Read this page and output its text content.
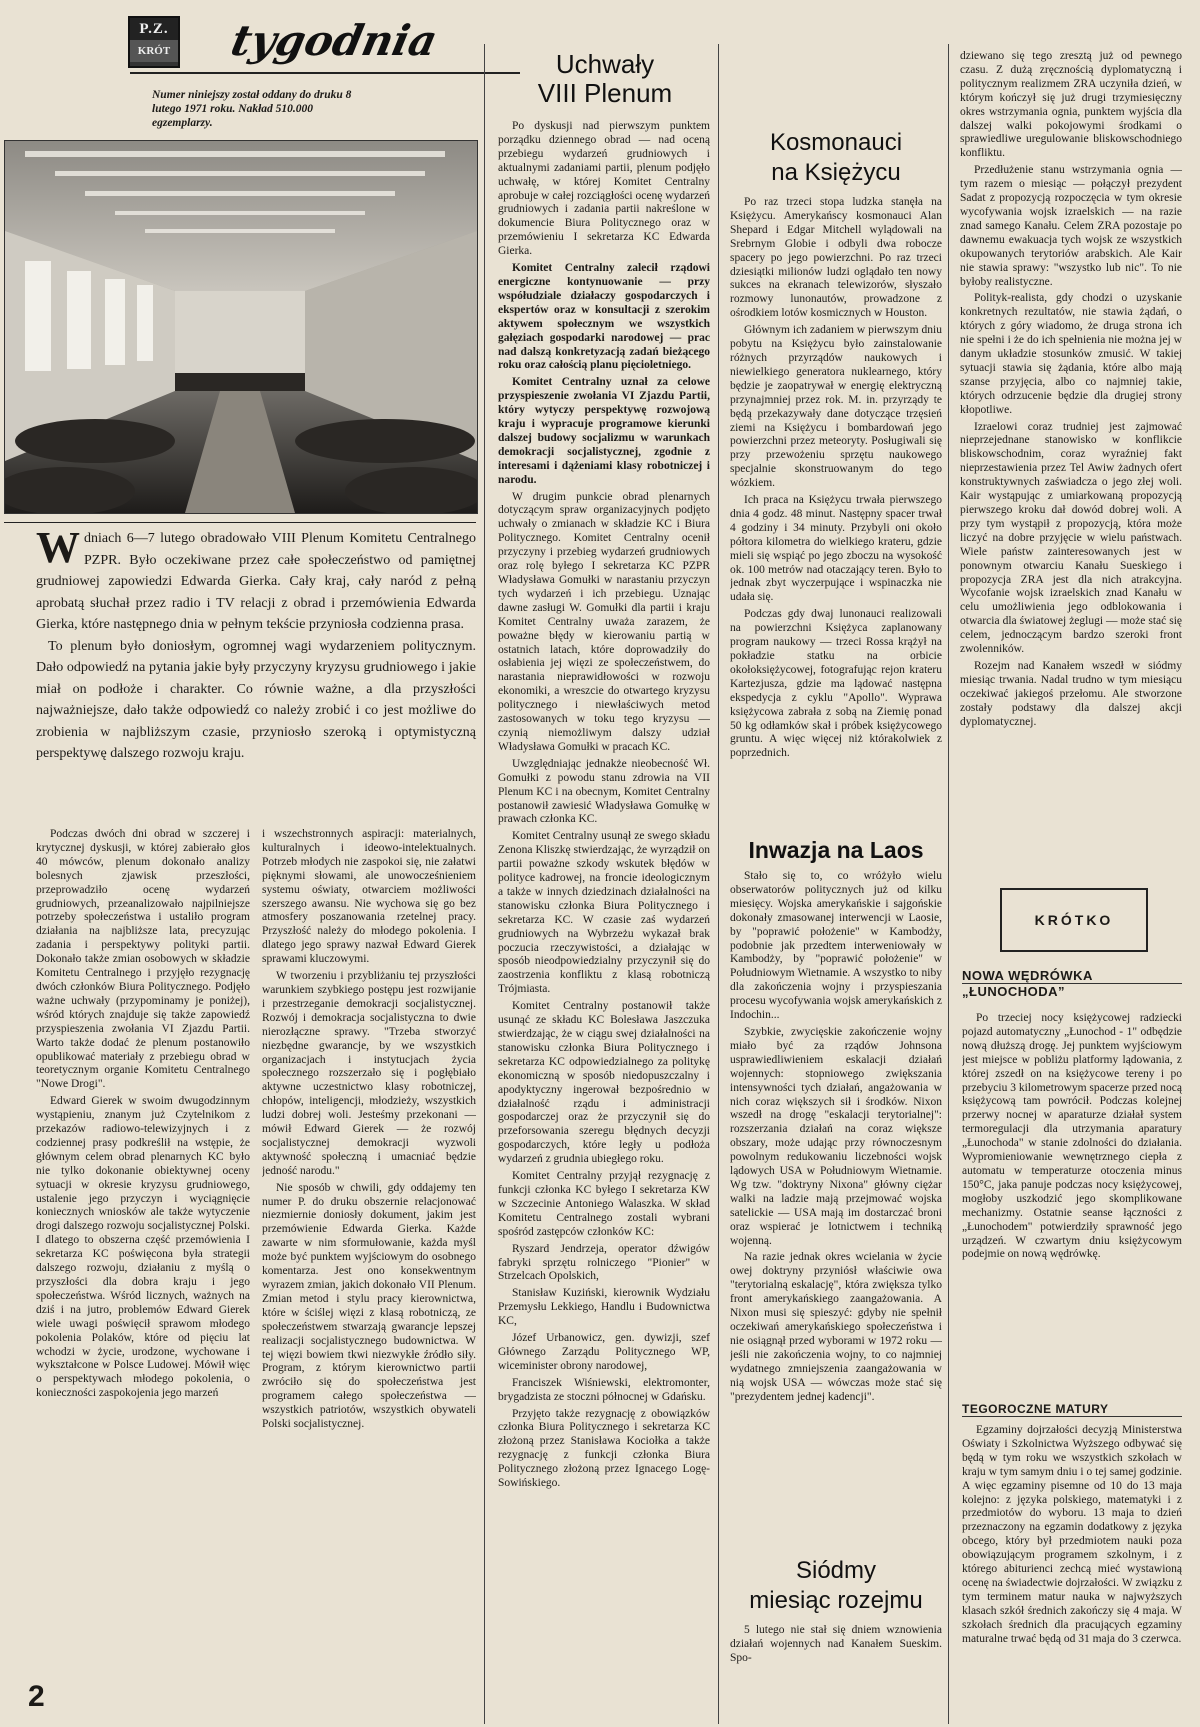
P.Z.
KRÓT tygodnia
Numer niniejszy został oddany do druku 8 lutego 1971 roku. Nakład 510.000 egzemplarzy.
W dniach 6—7 lutego obradowało VIII Plenum Komitetu Centralnego PZPR. Było oczekiwane przez całe społeczeństwo od pamiętnej grudniowej zapowiedzi Edwarda Gierka. Cały kraj, cały naród z pełną aprobatą słuchał przez radio i TV relacji z obrad i przemówienia Edwarda Gierka, które następnego dnia w pełnym tekście przyniosła codzienna prasa.

To plenum było doniosłym, ogromnej wagi wydarzeniem politycznym. Dało odpowiedź na pytania jakie były przyczyny kryzysu grudniowego i jakie miał on podłoże i charakter. Co równie ważne, a dla przyszłości najważniejsze, dało także odpowiedź co należy zrobić i co jest możliwe do zrobienia w najbliższym czasie, przyniosło szeroką i optymistyczną perspektywę dalszego rozwoju kraju.

Podczas dwóch dni obrad w szczerej i krytycznej dyskusji, w której zabierało głos 40 mówców, plenum dokonało analizy bolesnych zjawisk przeszłości, przeprowadziło ocenę wydarzeń grudniowych, przeanalizowało najpilniejsze potrzeby społeczeństwa i ustaliło program działania na najbliższe lata, precyzując zadania i perspektywy polityki partii. Dokonało także zmian osobowych w składzie Komitetu Centralnego i przyjęło rezygnację dwóch członków Biura Politycznego. Podjęło ważne uchwały (przypominamy je poniżej), wśród których znajduje się także zapowiedź przyspieszenia zwołania VI Zjazdu Partii. Warto także dodać że plenum postanowiło opublikować materiały z przebiegu obrad w teoretycznym organie Komitetu Centralnego "Nowe Drogi".

Edward Gierek w swoim dwugodzinnym wystąpieniu, znanym już Czytelnikom z przekazów radiowo-telewizyjnych i z codziennej prasy podkreślił na wstępie, że głównym celem obrad plenarnych KC było nie tylko dokonanie obiektywnej oceny sytuacji w okresie kryzysu grudniowego, ustalenie jego przyczyn i wyciągnięcie koniecznych wniosków ale także wytyczenie drogi dalszego rozwoju socjalistycznej Polski. I dlatego to obszerna część przemówienia I sekretarza KC poświęcona była strategii dalszego rozwoju, działaniu z myślą o przyszłości dla dobra kraju i jego społeczeństwa. Wśród licznych, ważnych na dziś i na jutro, problemów Edward Gierek wiele uwagi poświęcił sprawom młodego pokolenia Polaków, które od pięciu lat wchodzi w życie, urodzone, wychowane i wykształcone w Polsce Ludowej. Mówił więc o perspektywach młodego pokolenia, o konieczności zaspokojenia jego marzeń

i wszechstronnych aspiracji: materialnych, kulturalnych i ideowo-intelektualnych. Potrzeb młodych nie zaspokoi się, nie załatwi pięknymi słowami, ale unowocześnieniem systemu oświaty, otwarciem możliwości szerszego awansu. Nie wychowa się go bez atmosfery poszanowania rzetelnej pracy. Przyszłość należy do młodego pokolenia. I dlatego jego sprawy nazwał Edward Gierek sprawami kluczowymi.

W tworzeniu i przybliżaniu tej przyszłości warunkiem szybkiego postępu jest rozwijanie i przestrzeganie demokracji socjalistycznej. Rozwój i demokracja socjalistyczna to dwie nierozłączne sprawy. "Trzeba stworzyć niezbędne gwarancje, by we wszystkich organizacjach i instytucjach życia społecznego rozszerzało się i pogłębiało aktywne uczestnictwo klasy robotniczej, chłopów, inteligencji, młodzieży, wszystkich ludzi dobrej woli. Jesteśmy przekonani — mówił Edward Gierek — że rozwój socjalistycznej demokracji wyzwoli aktywność społeczną i umacniać będzie jedność narodu."

Nie sposób w chwili, gdy oddajemy ten numer P. do druku obszernie relacjonować niezmiernie doniosły dokument, jakim jest przemówienie Edwarda Gierka. Każde zawarte w nim sformułowanie, każda myśl może być punktem wyjściowym do osobnego komentarza. Jest ono konsekwentnym wyrazem zmian, jakich dokonało VII Plenum. Zmian metod i stylu pracy kierownictwa, które w ściślej więzi z klasą robotniczą, ze społeczeństwem stwarzają gwarancje lepszej realizacji socjalistycznego budownictwa. W tej więzi bowiem tkwi niezwykłe źródło siły. Program, z którym kierownictwo partii zwróciło się do społeczeństwa jest programem całego społeczeństwa — wszystkich patriotów, wszystkich obywateli Polski socjalistycznej.

2
Uchwały
VIII Plenum

Po dyskusji nad pierwszym punktem porządku dziennego obrad — nad oceną przebiegu wydarzeń grudniowych i aktualnymi zadaniami partii, plenum podjęło uchwałę, w której Komitet Centralny aprobuje w całej rozciągłości ocenę wydarzeń grudniowych i zadania partii nakreślone w dokumencie Biura Politycznego oraz w przemówieniu I sekretarza KC Edwarda Gierka.

Komitet Centralny zalecił rządowi energiczne kontynuowanie — przy współudziale działaczy gospodarczych i ekspertów oraz w konsultacji z szerokim aktywem społecznym we wszystkich gałęziach gospodarki narodowej — prac nad dalszą konkretyzacją zadań bieżącego roku oraz całością planu pięcioletniego.

Komitet Centralny uznał za celowe przyspieszenie zwołania VI Zjazdu Partii, który wytyczy perspektywę rozwojową kraju i wypracuje programowe kierunki dalszej budowy socjalizmu w warunkach demokracji socjalistycznej, zgodnie z interesami i dążeniami klasy robotniczej i narodu.

W drugim punkcie obrad plenarnych dotyczącym spraw organizacyjnych podjęto uchwały o zmianach w składzie KC i Biura Politycznego. Komitet Centralny ocenił przyczyny i przebieg wydarzeń grudniowych oraz rolę byłego I sekretarza KC PZPR Władysława Gomułki w narastaniu przyczyn tych wydarzeń i ich przebiegu. Uznając dawne zasługi W. Gomułki dla partii i kraju Komitet Centralny uważa zarazem, że poważne błędy w kierowaniu partią w ostatnich latach, które doprowadziły do osłabienia jej więzi ze społeczeństwem, do narastania nieprawidłowości w rozwoju ekonomiki, a wreszcie do otwartego kryzysu politycznego i niewłaściwych metod zastosowanych w toku tego kryzysu — czynią niemożliwym dalszy udział Władysława Gomułki w pracach KC.

Uwzględniając jednakże nieobecność Wł. Gomułki z powodu stanu zdrowia na VII Plenum KC i na obecnym, Komitet Centralny postanowił zawiesić Władysława Gomułkę w prawach członka KC.

Komitet Centralny usunął ze swego składu Zenona Kliszkę stwierdzając, że wyrządził on partii poważne szkody wskutek błędów w polityce kadrowej, na froncie ideologicznym a także w innych dziedzinach działalności na stanowisku członka Biura Politycznego i sekretarza KC. W czasie zaś wydarzeń grudniowych na Wybrzeżu wykazał brak poczucia rzeczywistości, a działając w sposób nieodpowiedzialny przyczynił się do zaostrzenia konfliktu z klasą robotniczą Trójmiasta.

Komitet Centralny postanowił także usunąć ze składu KC Bolesława Jaszczuka stwierdzając, że w ciągu swej działalności na stanowisku członka Biura Politycznego i sekretarza KC odpowiedzialnego za politykę ekonomiczną w sposób niedopuszczalny i apodyktyczny ingerował bezpośrednio w działalność rządu i administracji gospodarczej oraz że przyczynił się do przeforsowania szeregu błędnych decyzji gospodarczych, które legły u podłoża wydarzeń z grudnia ubiegłego roku.

Komitet Centralny przyjął rezygnację z funkcji członka KC byłego I sekretarza KW w Szczecinie Antoniego Walaszka. W skład Komitetu Centralnego zostali wybrani spośród zastępców członków KC:

Ryszard Jendrzeja, operator dźwigów fabryki sprzętu rolniczego "Pionier" w Strzelcach Opolskich,

Stanisław Kuziński, kierownik Wydziału Przemysłu Lekkiego, Handlu i Budownictwa KC,

Józef Urbanowicz, gen. dywizji, szef Głównego Zarządu Politycznego WP, wiceminister obrony narodowej,

Franciszek Wiśniewski, elektromonter, brygadzista ze stoczni północnej w Gdańsku.

Przyjęto także rezygnację z obowiązków członka Biura Politycznego i sekretarza KC złożoną przez Stanisława Kociołka a także rezygnację z funkcji członka Biura Politycznego złożoną przez Ignacego Logę-Sowińskiego.

Kosmonauci
na Księżycu

Po raz trzeci stopa ludzka stanęła na Księżycu. Amerykańscy kosmonauci Alan Shepard i Edgar Mitchell wylądowali na Srebrnym Globie i odbyli dwa robocze spacery po jego powierzchni. Po raz trzeci dziesiątki milionów ludzi oglądało ten nowy sukces na ekranach telewizorów, słyszało rozmowy lunonautów, prowadzone z ośrodkiem lotów kosmicznych w Houston.

Głównym ich zadaniem w pierwszym dniu pobytu na Księżycu było zainstalowanie różnych przyrządów naukowych i niewielkiego generatora nuklearnego, który będzie je zaopatrywał w energię elektryczną przynajmniej przez rok. M. in. przyrządy te będą przekazywały dane dotyczące trzęsień ziemi na Księżycu i bombardowań jego powierzchni przez meteoryty. Posługiwali się przy przewożeniu sprzętu naukowego specjalnie skonstruowanym do tego wózkiem.

Ich praca na Księżycu trwała pierwszego dnia 4 godz. 48 minut. Następny spacer trwał 4 godziny i 34 minuty. Przybyli oni około półtora kilometra do wielkiego krateru, gdzie mieli się wspiąć po jego zboczu na wysokość ok. 100 metrów nad otaczający teren. Było to jednak zbyt wyczerpujące i wspinaczka nie udała się.

Podczas gdy dwaj lunonauci realizowali na powierzchni Księżyca zaplanowany program naukowy — trzeci Rossa krążył na pokładzie statku na orbicie okołoksiężycowej, fotografując rejon krateru Kartezjusza, gdzie ma lądować następna ekspedycja z cyklu "Apollo". Wyprawa księżycowa zabrała z sobą na Ziemię ponad 50 kg odłamków skał i próbek księżycowego gruntu. A więc więcej niż którakolwiek z poprzednich.

Inwazja na Laos

Stało się to, co wróżyło wielu obserwatorów politycznych już od kilku miesięcy. Wojska amerykańskie i sajgońskie dokonały zmasowanej interwencji w Laosie, by "poprawić położenie" w Kambodży, podobnie jak przedtem interweniowały w Kambodży, by "poprawić położenie" w Południowym Wietnamie. A wszystko to niby dla zakończenia wojny i przyspieszania procesu wycofywania wojsk amerykańskich z Indochin...

Szybkie, zwycięskie zakończenie wojny miało być za rządów Johnsona usprawiedliwieniem eskalacji działań wojennych: stopniowego zwiększania intensywności tych działań, angażowania w nich coraz większych sił i środków. Nixon wszedł na drogę "eskalacji terytorialnej": rozszerzania działań na coraz większe obszary, może udając przy równoczesnym powolnym redukowaniu liczebności wojsk lądowych USA w Południowym Wietnamie. Wg tzw. "doktryny Nixona" główny ciężar walki na ladzie mają przejmować wojska satelickie — USA mają im dostarczać broni oraz wspierać je lotnictwem i techniką wojenną.

Na razie jednak okres wcielania w życie owej doktryny przyniósł właściwie owa "terytorialną eskalację", która zwiększa tylko front amerykańskiego zaangażowania. A Nixon musi się spieszyć: gdyby nie spełnił oczekiwań amerykańskiego społeczeństwa i nie osiągnął przed wyborami w 1972 roku — jeśli nie zakończenia wojny, to co najmniej wydatnego zmniejszenia zaangażowania w nią wojsk USA — wówczas może stać się "prezydentem jednej kadencji".

Siódmy
miesiąc rozejmu

5 lutego nie stał się dniem wznowienia działań wojennych nad Kanałem Sueskim. Spo-

dziewano się tego zresztą już od pewnego czasu. Z dużą zręcznością dyplomatyczną i politycznym realizmem ZRA uczyniła dzień, w którym kończył się już drugi trzymiesięczny okres wstrzymania ognia, punktem wyjścia dla dalszej walki pokojowymi środkami o sprawiedliwe uregulowanie bliskowschodniego konfliktu.

Przedłużenie stanu wstrzymania ognia — tym razem o miesiąc — połączył prezydent Sadat z propozycją rozpoczęcia w tym okresie wycofywania wojsk izraelskich — na razie znad samego Kanału. Celem ZRA pozostaje po dawnemu ewakuacja tych wojsk ze wszystkich okupowanych terytoriów arabskich. Ale Kair nie stawia sprawy: "wszystko lub nic". To nie byłoby realistyczne.

Polityk-realista, gdy chodzi o uzyskanie konkretnych rezultatów, nie stawia żądań, o których z góry wiadomo, że druga strona ich nie spełni i że do ich spełnienia nie można jej w danym układzie stosunków zmusić. W takiej sytuacji stawia się żądania, które albo mają szanse przyjęcia, albo co najmniej takie, których odrzucenie będzie dla drugiej strony kłopotliwe.

Izraelowi coraz trudniej jest zajmować nieprzejednane stanowisko w konflikcie bliskowschodnim, coraz wyraźniej fakt nieprzestawienia przez Tel Awiw żadnych ofert konstruktywnych zaświadcza o jego złej woli. Kair wystąpując z umiarkowaną propozycją pierwszego kroku dał dowód dobrej woli. A przy tym wystąpił z propozycją, która może liczyć na dobre przyjęcie w wielu państwach. Wiele państw zainteresowanych jest w ponownym otwarciu Kanału Sueskiego i propozycja ZRA jest dla nich atrakcyjna. Wycofanie wojsk izraelskich znad Kanału w celu umożliwienia jego odblokowania i otwarcia dla światowej żeglugi — może stać się celem, jednoczącym bardzo szeroki front zwolenników.

Rozejm nad Kanałem wszedł w siódmy miesiąc trwania. Nadal trudno w tym miesiącu oczekiwać jakiegoś przełomu. Ale stworzone zostały podstawy dla dalszej akcji dyplomatycznej.

KRÓTKO
NOWA WĘDRÓWKA
„ŁUNOCHODA”

Po trzeciej nocy księżycowej radziecki pojazd automatyczny „Łunochod - 1" odbędzie nową dłuższą drogę. Jej punktem wyjściowym jest miejsce w pobliżu platformy lądowania, z której zszedł on na księżycowe tereny i po przebyciu 3 kilometrowym spacerze przed nocą księżycową tam powrócił. Podczas kolejnej przerwy nocnej w aparaturze działał system termoregulacji dla utrzymania aparatury „Łunochoda" w stanie zdolności do działania. Wypromieniowanie wewnętrznego ciepła z automatu w temperaturze otoczenia minus 150°C, jaka panuje podczas nocy księżycowej, mogłoby uszkodzić jego skomplikowane mechanizmy. Ostatnie seanse łączności z „Łunochodem" potwierdziły sprawność jego urządzeń. W czwartym dniu księżycowym podejmie on nową wędrówkę.

TEGOROCZNE MATURY

Egzaminy dojrzałości decyzją Ministerstwa Oświaty i Szkolnictwa Wyższego odbywać się będą w tym roku we wszystkich szkołach w kraju w tym samym dniu i o tej samej godzinie. A więc egzaminy pisemne od 10 do 13 maja kolejno: z języka polskiego, matematyki i z przedmiotów do wyboru. 13 maja to dzień przeznaczony na egzamin dodatkowy z języka obcego, który był przedmiotem nauki poza obowiązującym programem szkolnym, i z którego abiturienci zechcą mieć wystawioną ocenę na świadectwie dojrzałości. W związku z tym terminem matur nauka w najwyższych klasach szkół średnich zakończy się 4 maja. W szkołach średnich dla pracujących egzaminy maturalne trwać będą od 31 maja do 3 czerwca.
